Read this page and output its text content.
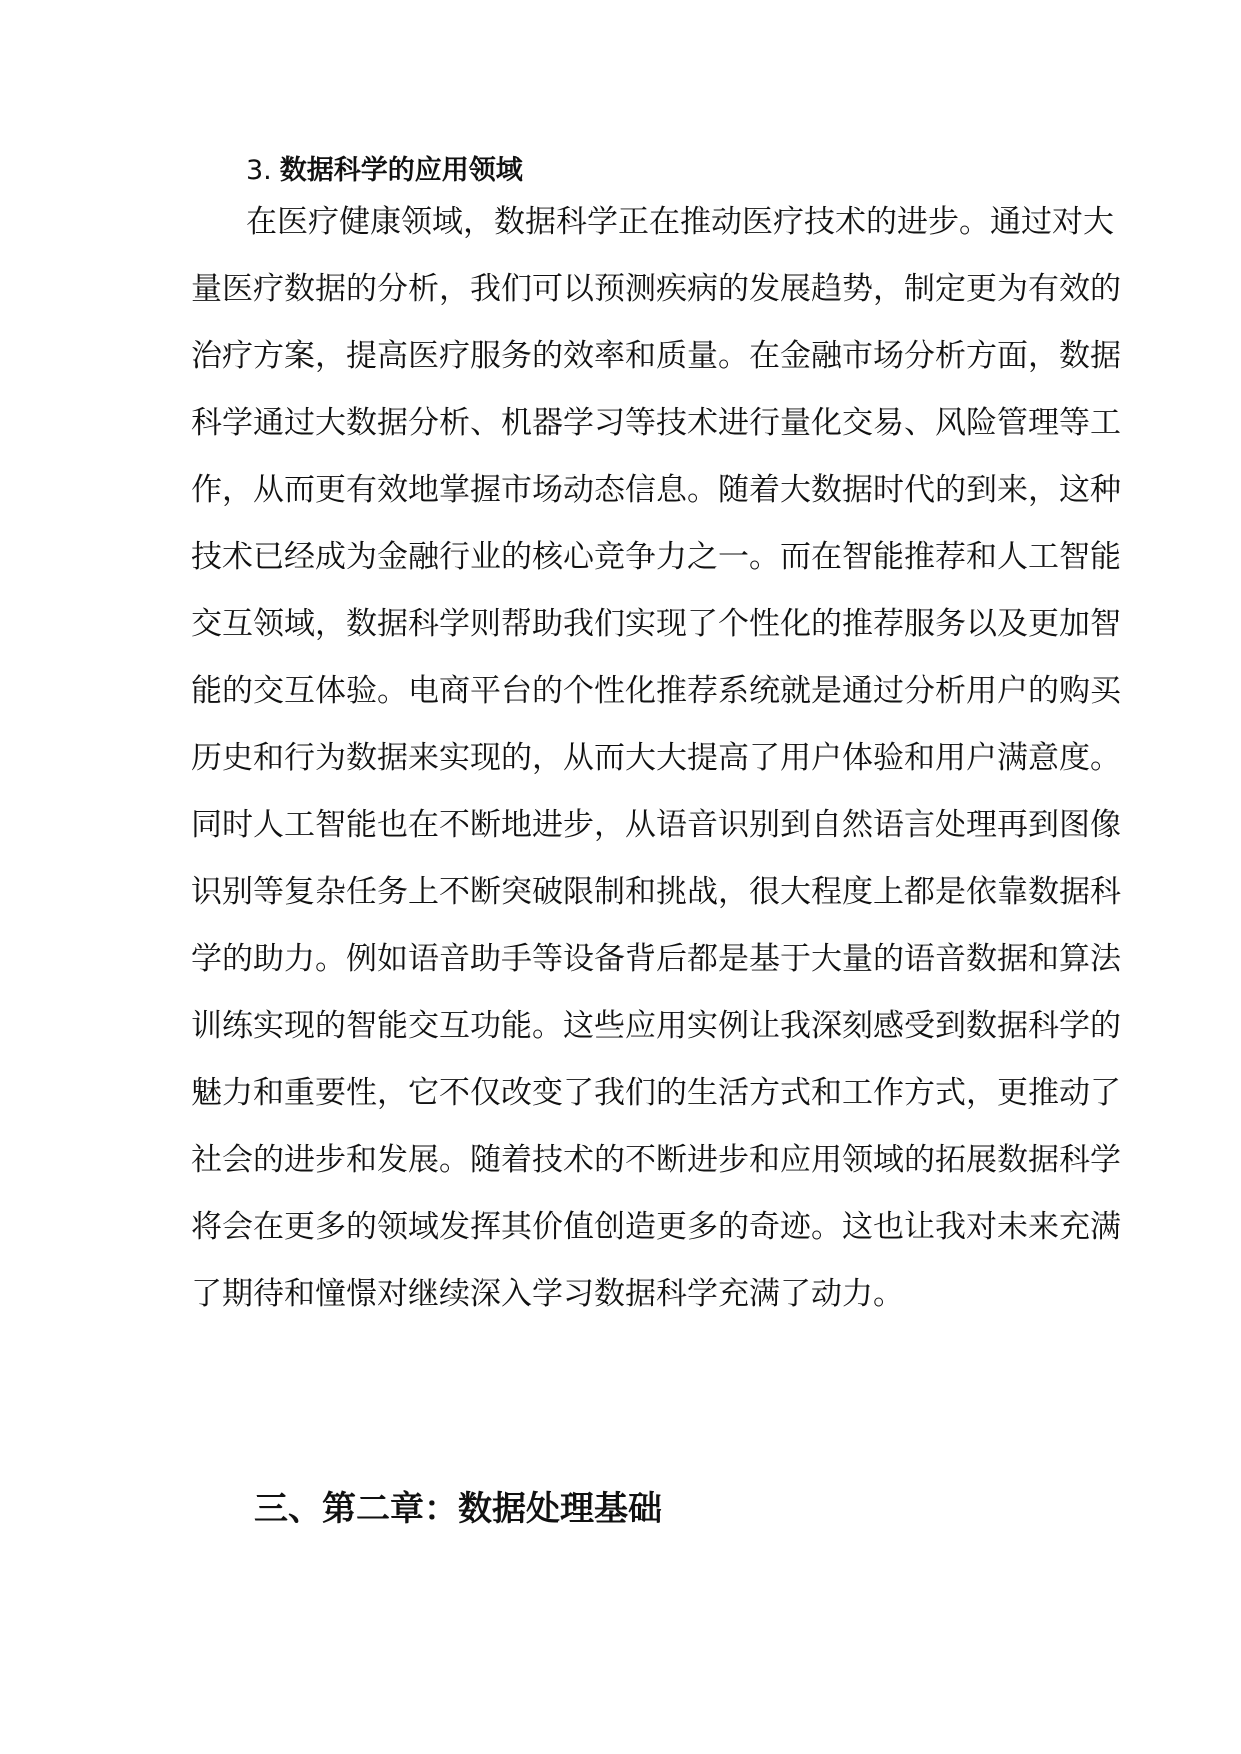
3. 数据科学的应用领域
在医疗健康领域，数据科学正在推动医疗技术的进步。通过对大
量医疗数据的分析，我们可以预测疾病的发展趋势，制定更为有效的
治疗方案，提高医疗服务的效率和质量。在金融市场分析方面，数据
科学通过大数据分析、机器学习等技术进行量化交易、风险管理等工
作，从而更有效地掌握市场动态信息。随着大数据时代的到来，这种
技术已经成为金融行业的核心竞争力之一。而在智能推荐和人工智能
交互领域，数据科学则帮助我们实现了个性化的推荐服务以及更加智
能的交互体验。电商平台的个性化推荐系统就是通过分析用户的购买
历史和行为数据来实现的，从而大大提高了用户体验和用户满意度。
同时人工智能也在不断地进步，从语音识别到自然语言处理再到图像
识别等复杂任务上不断突破限制和挑战，很大程度上都是依靠数据科
学的助力。例如语音助手等设备背后都是基于大量的语音数据和算法
训练实现的智能交互功能。这些应用实例让我深刻感受到数据科学的
魅力和重要性，它不仅改变了我们的生活方式和工作方式，更推动了
社会的进步和发展。随着技术的不断进步和应用领域的拓展数据科学
将会在更多的领域发挥其价值创造更多的奇迹。这也让我对未来充满
了期待和憧憬对继续深入学习数据科学充满了动力。
三、第二章：数据处理基础
